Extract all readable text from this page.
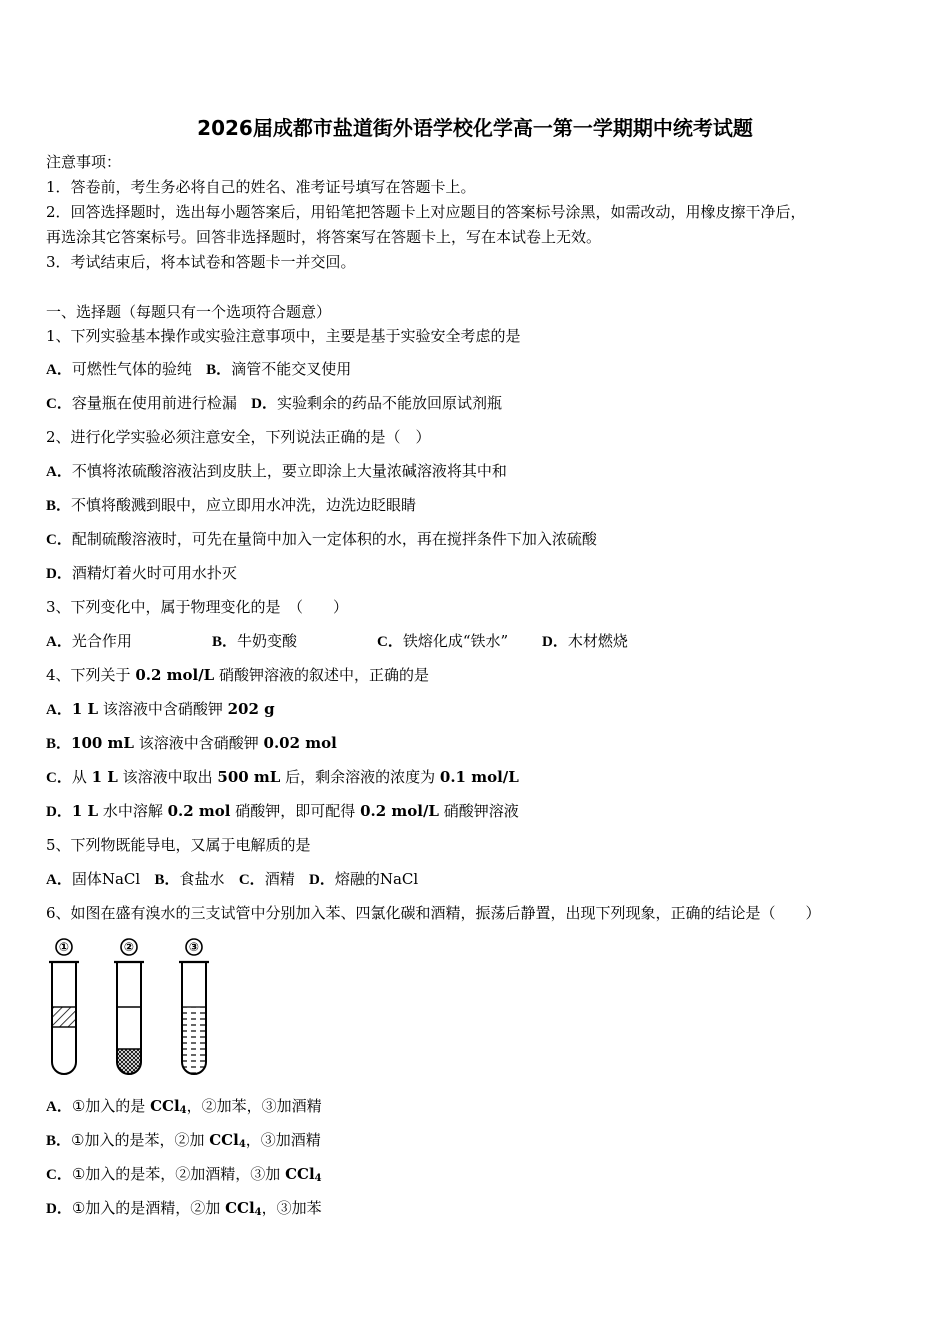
2026届成都市盐道街外语学校化学高一第一学期期中统考试题
注意事项：
1．答卷前，考生务必将自己的姓名、准考证号填写在答题卡上。
2．回答选择题时，选出每小题答案后，用铅笔把答题卡上对应题目的答案标号涂黑，如需改动，用橡皮擦干净后，
再选涂其它答案标号。回答非选择题时，将答案写在答题卡上，写在本试卷上无效。
3．考试结束后，将本试卷和答题卡一并交回。
一、选择题（每题只有一个选项符合题意）
1、下列实验基本操作或实验注意事项中，主要是基于实验安全考虑的是
A．可燃性气体的验纯 B．滴管不能交叉使用
C．容量瓶在使用前进行检漏 D．实验剩余的药品不能放回原试剂瓶
2、进行化学实验必须注意安全，下列说法正确的是（　）
A．不慎将浓硫酸溶液沾到皮肤上，要立即涂上大量浓碱溶液将其中和
B．不慎将酸溅到眼中，应立即用水冲洗，边洗边眨眼睛
C．配制硫酸溶液时，可先在量筒中加入一定体积的水，再在搅拌条件下加入浓硫酸
D．酒精灯着火时可用水扑灭
3、下列变化中，属于物理变化的是　（　　）
A．光合作用	B．牛奶变酸	C．铁熔化成“铁水” D．木材燃烧
4、下列关于 0.2 mol/L 硝酸钾溶液的叙述中，正确的是
A．1 L 该溶液中含硝酸钾 202 g
B．100 mL 该溶液中含硝酸钾 0.02 mol
C．从 1 L 该溶液中取出 500 mL 后，剩余溶液的浓度为 0.1 mol/L
D．1 L 水中溶解 0.2 mol 硝酸钾，即可配得 0.2 mol/L 硝酸钾溶液
5、下列物既能导电，又属于电解质的是
A．固体NaCl B．食盐水 C．酒精 D．熔融的NaCl
6、如图在盛有溴水的三支试管中分别加入苯、四氯化碳和酒精，振荡后静置，出现下列现象，正确的结论是（　　）
①	②	③
A．①加入的是 CCl$_4$，②加苯，③加酒精
B．①加入的是苯，②加 CCl$_4$，③加酒精
C．①加入的是苯，②加酒精，③加 CCl$_4$
D．①加入的是酒精，②加 CCl$_4$，③加苯
